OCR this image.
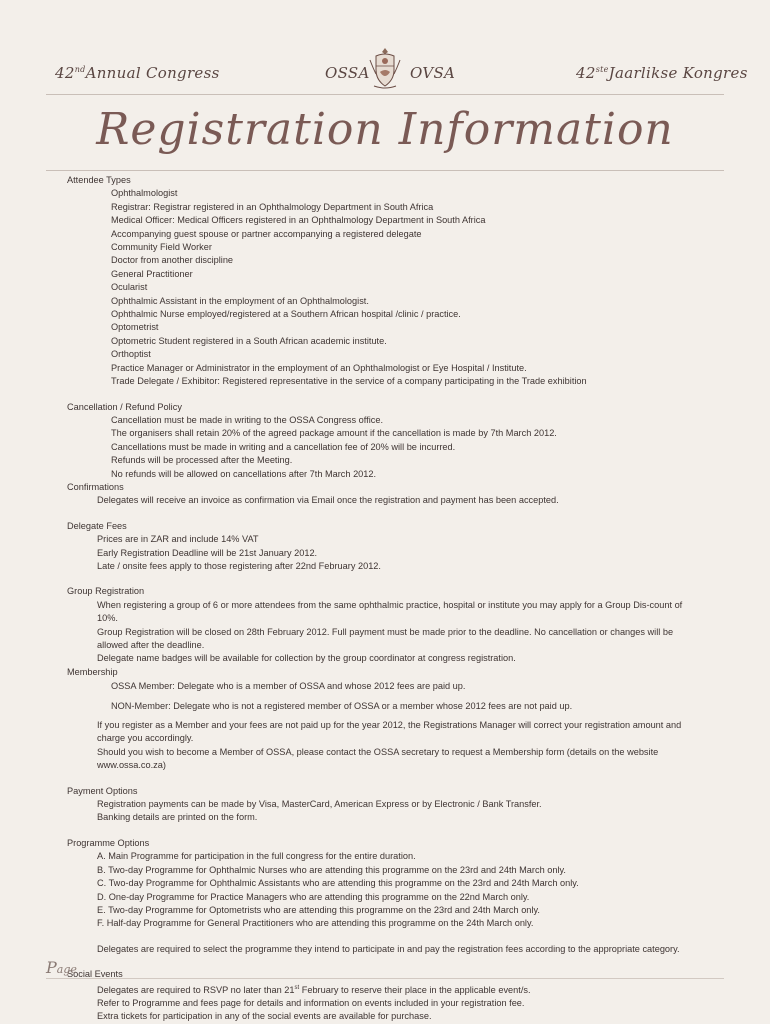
42ndAnnual Congress	OSSA	OVSA	42steJaarlikse Kongres
Registration Information

Attendee Types

Ophthalmologist

Registrar: Registrar registered in an Ophthalmology Department in South Africa

Medical Officer: Medical Officers registered in an Ophthalmology Department in South Africa

Accompanying guest spouse or partner accompanying a registered delegate

Community Field Worker

Doctor from another discipline

General Practitioner

Ocularist

Ophthalmic Assistant in the employment of an Ophthalmologist.

Ophthalmic Nurse employed/registered at a Southern African hospital /clinic / practice.

Optometrist

Optometric Student registered in a South African academic institute.

Orthoptist

Practice Manager or Administrator in the employment of an Ophthalmologist or Eye Hospital / Institute.

Trade Delegate / Exhibitor: Registered representative in the service of a company participating in the Trade exhibition

Cancellation / Refund Policy

Cancellation must be made in writing to the OSSA Congress office.

The organisers shall retain 20% of the agreed package amount if the cancellation is made by 7th March 2012.

Cancellations must be made in writing and a cancellation fee of 20% will be incurred.

Refunds will be processed after the Meeting.

No refunds will be allowed on cancellations after 7th March 2012.

Confirmations

Delegates will receive an invoice as confirmation via Email once the registration and payment has been accepted.

Delegate Fees

Prices are in ZAR and include 14% VAT

Early Registration Deadline will be 21st January 2012.

Late / onsite fees apply to those registering after 22nd February 2012.

Group Registration

When registering a group of 6 or more attendees from the same ophthalmic practice, hospital or institute you may apply for a Group Dis-count of 10%.

Group Registration will be closed on 28th February 2012. Full payment must be made prior to the deadline. No cancellation or changes will be allowed after the deadline.

Delegate name badges will be available for collection by the group coordinator at congress registration.

Membership

OSSA Member: Delegate who is a member of OSSA and whose 2012 fees are paid up.

NON-Member: Delegate who is not a registered member of OSSA or a member whose 2012 fees are not paid up.

If you register as a Member and your fees are not paid up for the year 2012, the Registrations Manager will correct your registration amount and charge you accordingly.

Should you wish to become a Member of OSSA, please contact the OSSA secretary to request a Membership form (details on the website www.ossa.co.za)

Payment Options

Registration payments can be made by Visa, MasterCard, American Express or by Electronic / Bank Transfer.

Banking details are printed on the form.

Programme Options

A. Main Programme for participation in the full congress for the entire duration.

B. Two-day Programme for Ophthalmic Nurses who are attending this programme on the 23rd and 24th March only.

C. Two-day Programme for Ophthalmic Assistants who are attending this programme on the 23rd and 24th March only.

D. One-day Programme for Practice Managers who are attending this programme on the 22nd March only.

E. Two-day Programme for Optometrists who are attending this programme on the 23rd and 24th March only.

F. Half-day Programme for General Practitioners who are attending this programme on the 24th March only.

Delegates are required to select the programme they intend to participate in and pay the registration fees according to the appropriate category.

Social Events

Delegates are required to RSVP no later than 21st February to reserve their place in the applicable event/s.

Refer to Programme and fees page for details and information on events included in your registration fee.

Extra tickets for participation in any of the social events are available for purchase.

Page
